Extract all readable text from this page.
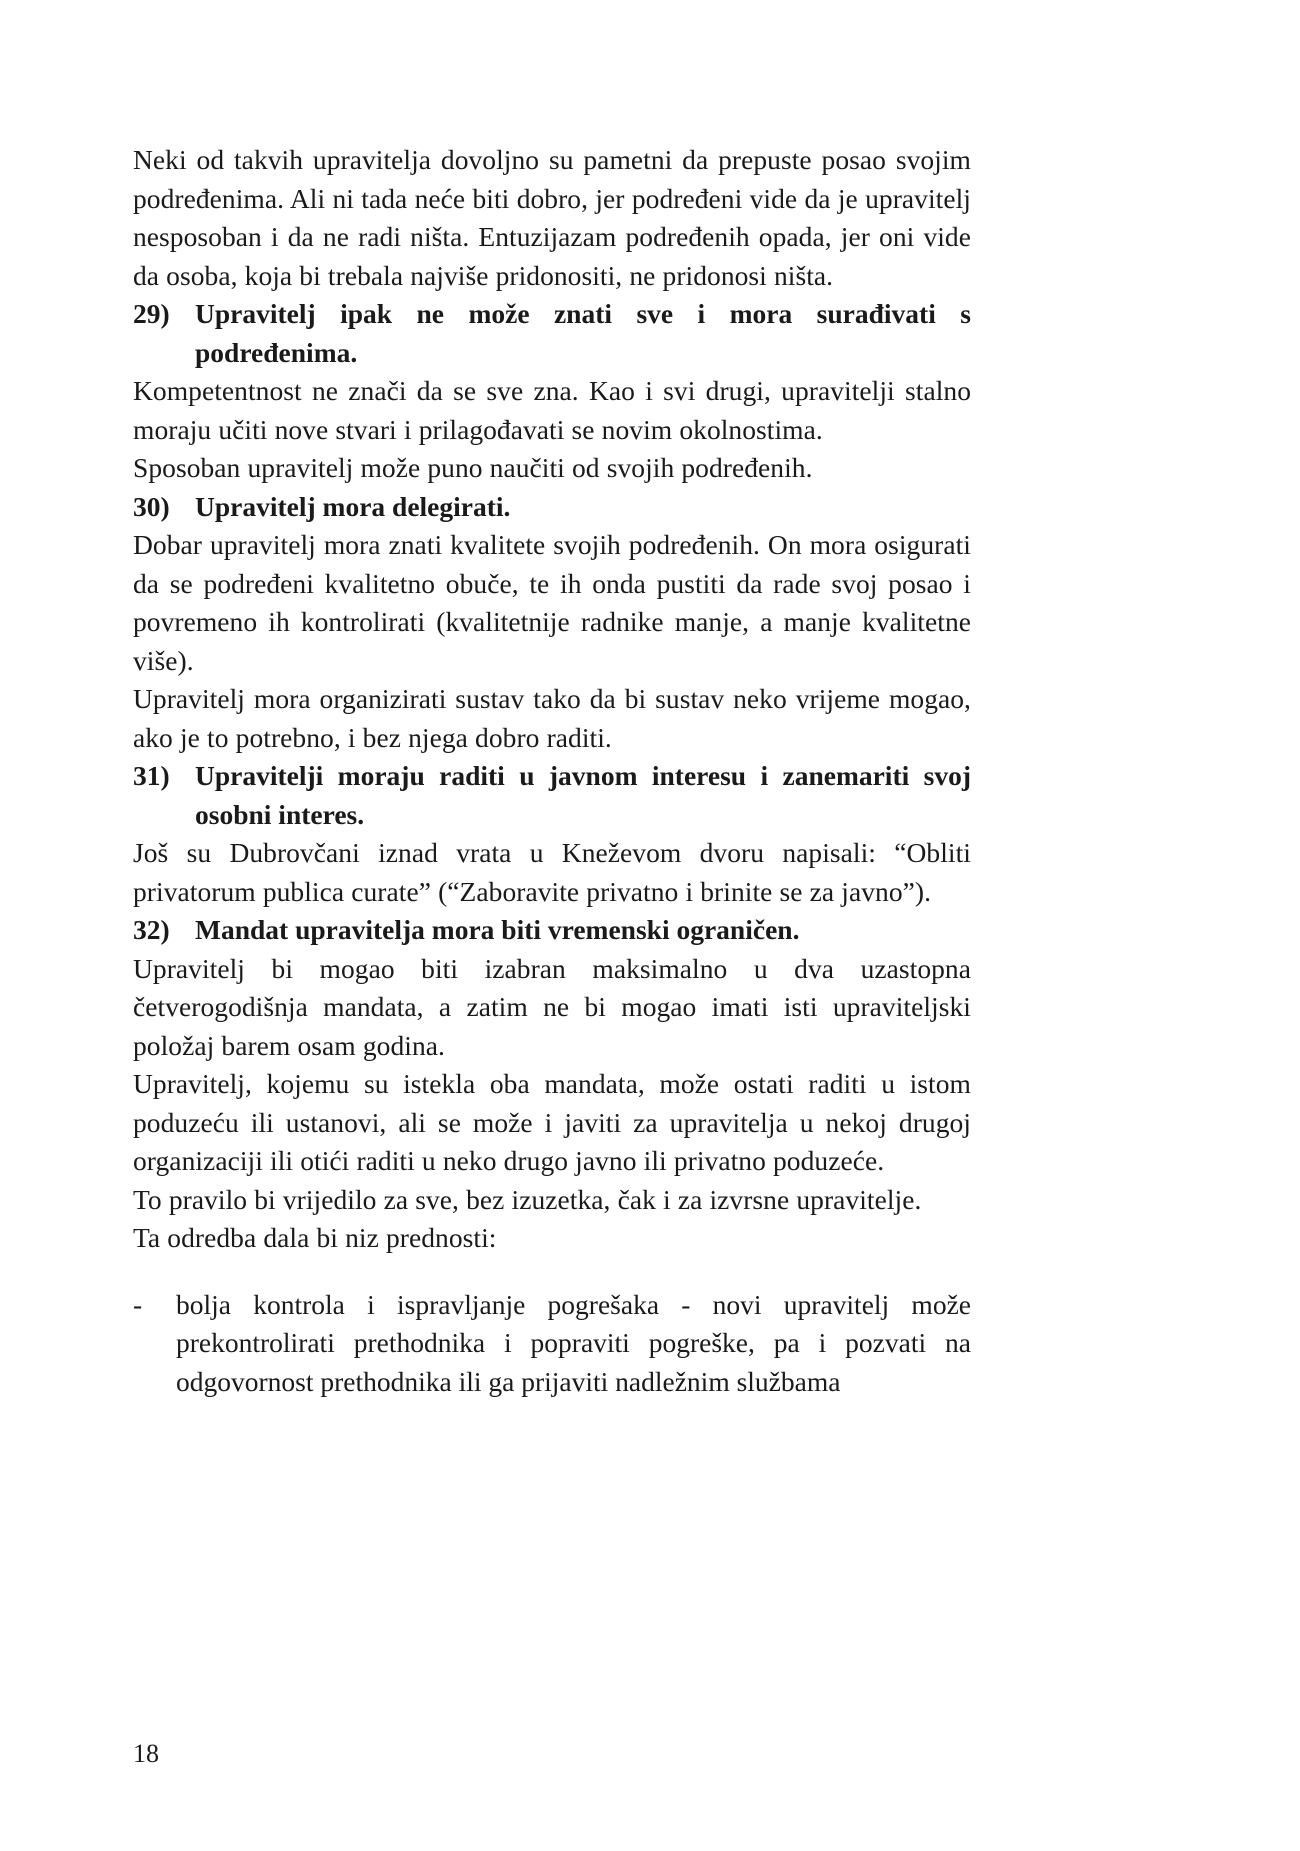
Neki od takvih upravitelja dovoljno su pametni da prepuste posao svojim podređenima. Ali ni tada neće biti dobro, jer podređeni vide da je upravitelj nesposoban i da ne radi ništa. Entuzijazam podređenih opada, jer oni vide da osoba, koja bi trebala najviše pridonositi, ne pridonosi ništa.

29) Upravitelj ipak ne može znati sve i mora surađivati s podređenima.

Kompetentnost ne znači da se sve zna. Kao i svi drugi, upravitelji stalno moraju učiti nove stvari i prilagođavati se novim okolnostima.

Sposoban upravitelj može puno naučiti od svojih podređenih.

30) Upravitelj mora delegirati.

Dobar upravitelj mora znati kvalitete svojih podređenih. On mora osigurati da se podređeni kvalitetno obuče, te ih onda pustiti da rade svoj posao i povremeno ih kontrolirati (kvalitetnije radnike manje, a manje kvalitetne više).

Upravitelj mora organizirati sustav tako da bi sustav neko vrijeme mogao, ako je to potrebno, i bez njega dobro raditi.

31) Upravitelji moraju raditi u javnom interesu i zanemariti svoj osobni interes.

Još su Dubrovčani iznad vrata u Kneževom dvoru napisali: “Obliti privatorum publica curate” (“Zaboravite privatno i brinite se za javno”).

32) Mandat upravitelja mora biti vremenski ograničen.

Upravitelj bi mogao biti izabran maksimalno u dva uzastopna četverogodišnja mandata, a zatim ne bi mogao imati isti upraviteljski položaj barem osam godina.

Upravitelj, kojemu su istekla oba mandata, može ostati raditi u istom poduzeću ili ustanovi, ali se može i javiti za upravitelja u nekoj drugoj organizaciji ili otići raditi u neko drugo javno ili privatno poduzeće.

To pravilo bi vrijedilo za sve, bez izuzetka, čak i za izvrsne upravitelje.

Ta odredba dala bi niz prednosti:

-	bolja kontrola i ispravljanje pogrešaka - novi upravitelj može prekontrolirati prethodnika i popraviti pogreške, pa i pozvati na odgovornost prethodnika ili ga prijaviti nadležnim službama
18
